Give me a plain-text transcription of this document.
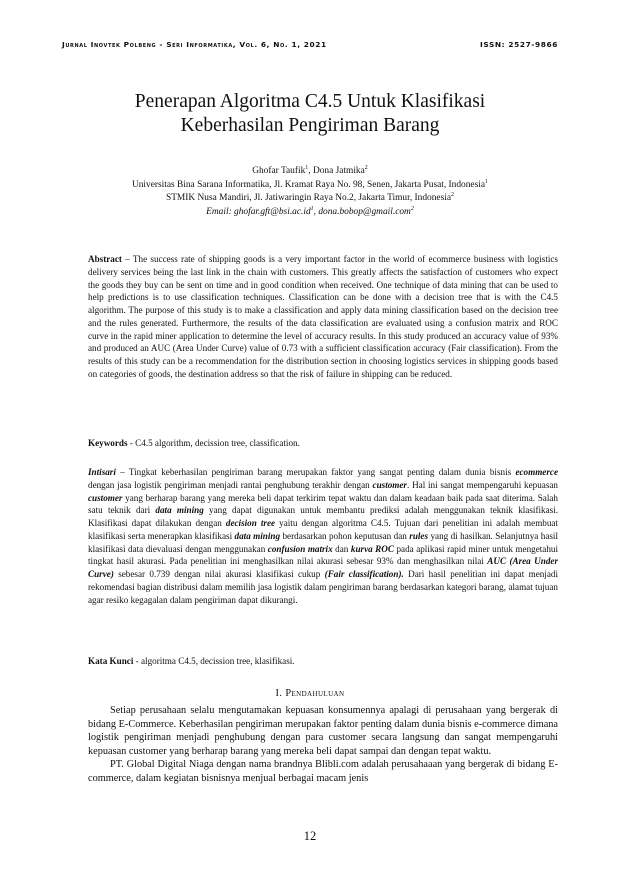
Jurnal Inovtek Polbeng - Seri Informatika, Vol. 6, No. 1, 2021	ISSN: 2527-9866
Penerapan Algoritma C4.5 Untuk Klasifikasi
Keberhasilan Pengiriman Barang
Ghofar Taufik$^1$, Dona Jatmika$^2$
Universitas Bina Sarana Informatika, Jl. Kramat Raya No. 98, Senen, Jakarta Pusat, Indonesia$^1$
STMIK Nusa Mandiri, Jl. Jatiwaringin Raya No.2, Jakarta Timur, Indonesia$^2$
Email: $ghofar.gft@bsi.ac.id^1$, dona.bobop@gmail.com$^2$
Abstract – The success rate of shipping goods is a very important factor in the world of ecommerce business with logistics delivery services being the last link in the chain with customers. This greatly affects the satisfaction of customers who expect the goods they buy can be sent on time and in good condition when received. One technique of data mining that can be used to help predictions is to use classification techniques. Classification can be done with a decision tree that is with the C4.5 algorithm. The purpose of this study is to make a classification and apply data mining classification based on the decision tree and the rules generated. Furthermore, the results of the data classification are evaluated using a confusion matrix and ROC curve in the rapid miner application to determine the level of accuracy results. In this study produced an accuracy value of 93% and produced an AUC (Area Under Curve) value of 0.73 with a sufficient classification accuracy (Fair classification). From the results of this study can be a recommendation for the distribution section in choosing logistics services in shipping goods based on categories of goods, the destination address so that the risk of failure in shipping can be reduced.
Keywords - C4.5 algorithm, decission tree, classification.
Intisari – Tingkat keberhasilan pengiriman barang merupakan faktor yang sangat penting dalam dunia bisnis ecommerce dengan jasa logistik pengiriman menjadi rantai penghubung terakhir dengan customer. Hal ini sangat mempengaruhi kepuasan customer yang berharap barang yang mereka beli dapat terkirim tepat waktu dan dalam keadaan baik pada saat diterima. Salah satu teknik dari data mining yang dapat digunakan untuk membantu prediksi adalah menggunakan teknik klasifikasi. Klasifikasi dapat dilakukan dengan decision tree yaitu dengan algoritma C4.5. Tujuan dari penelitian ini adalah membuat klasifikasi serta menerapkan klasifikasi data mining berdasarkan pohon keputusan dan rules yang di hasilkan. Selanjutnya hasil klasifikasi data dievaluasi dengan menggunakan confusion matrix dan kurva ROC pada aplikasi rapid miner untuk mengetahui tingkat hasil akurasi. Pada penelitian ini menghasilkan nilai akurasi sebesar 93% dan menghasilkan nilai AUC (Area Under Curve) sebesar 0.739 dengan nilai akurasi klasifikasi cukup (Fair classification). Dari hasil penelitian ini dapat menjadi rekomendasi bagian distribusi dalam memilih jasa logistik dalam pengiriman barang berdasarkan kategori barang, alamat tujuan agar resiko kegagalan dalam pengiriman dapat dikurangi.
Kata Kunci - algoritma C4.5, decission tree, klasifikasi.
I. Pendahuluan

Setiap perusahaan selalu mengutamakan kepuasan konsumennya apalagi di perusahaan yang bergerak di bidang E-Commerce. Keberhasilan pengiriman merupakan faktor penting dalam dunia bisnis e-commerce dimana logistik pengiriman menjadi penghubung dengan para customer secara langsung dan sangat mempengaruhi kepuasan customer yang berharap barang yang mereka beli dapat sampai dan dengan tepat waktu.

PT. Global Digital Niaga dengan nama brandnya Blibli.com adalah perusahaaan yang bergerak di bidang E-commerce, dalam kegiatan bisnisnya menjual berbagai macam jenis

12
